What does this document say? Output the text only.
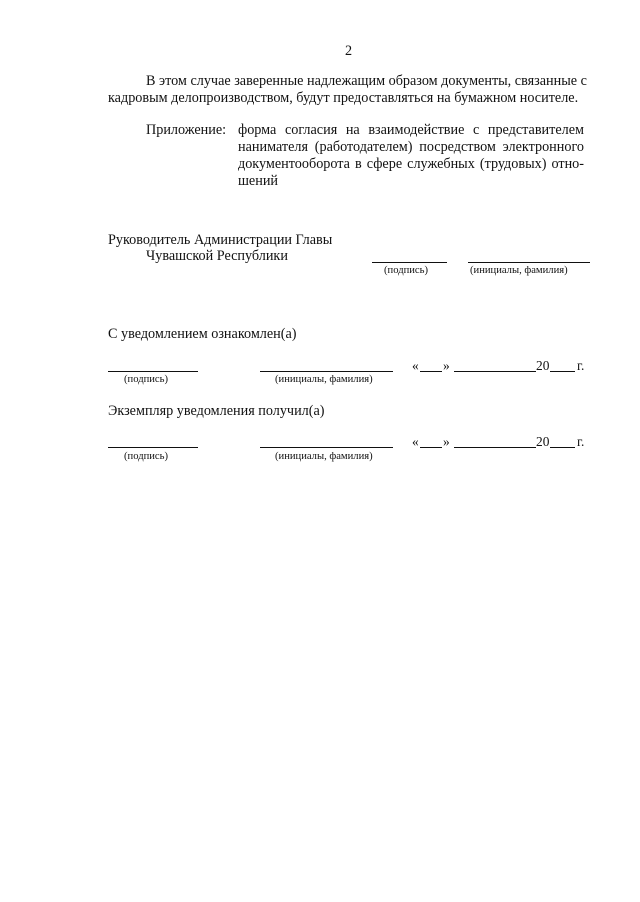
2
В этом случае заверенные надлежащим образом документы, связанные с
кадровым делопроизводством, будут предоставляться на бумажном носителе.
Приложение: форма согласия на взаимодействие с представителем
нанимателя (работодателем) посредством электронного
документооборота в сфере служебных (трудовых) отно-
шений
Руководитель Администрации Главы
Чувашской Республики
(подпись)	(инициалы, фамилия)
С уведомлением ознакомлен(а)
« »	20 г.
(подпись)	(инициалы, фамилия)
Экземпляр уведомления получил(а)
« »	20 г.
(подпись)	(инициалы, фамилия)
